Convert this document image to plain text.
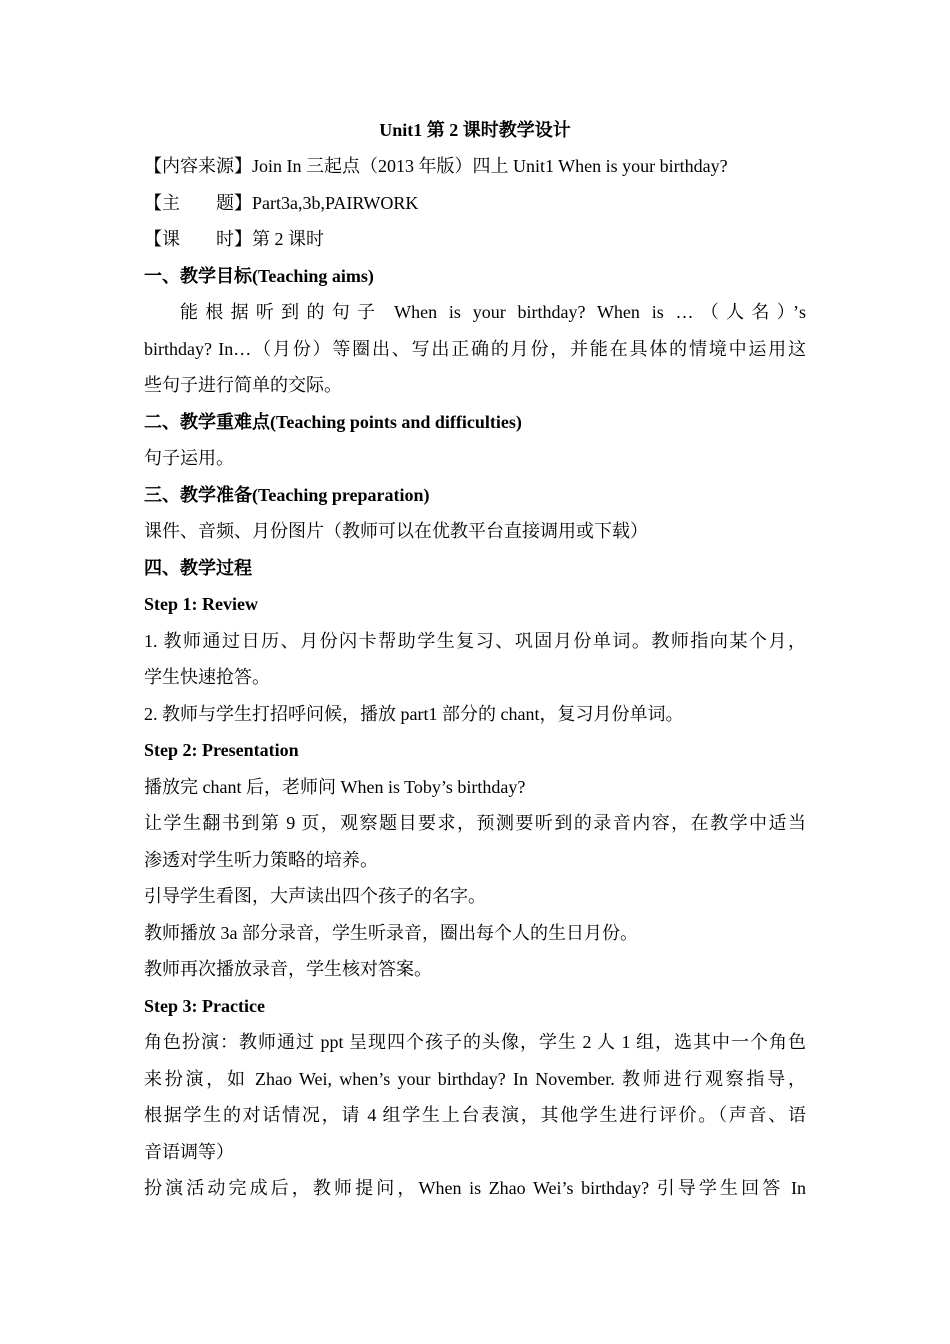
Unit1 第 2 课时教学设计
【内容来源】Join In 三起点（2013 年版）四上 Unit1 When is your birthday?
【主        题】Part3a,3b,PAIRWORK
【课        时】第 2 课时
一、教学目标(Teaching aims)
能根据听到的句子 When is your birthday? When is …（人名）’s
birthday? In…（月份）等圈出、写出正确的月份，并能在具体的情境中运用这
些句子进行简单的交际。
二、教学重难点(Teaching points and difficulties)
句子运用。
三、教学准备(Teaching preparation)
课件、音频、月份图片（教师可以在优教平台直接调用或下载）
四、教学过程
Step 1: Review
1. 教师通过日历、月份闪卡帮助学生复习、巩固月份单词。教师指向某个月，
学生快速抢答。
2. 教师与学生打招呼问候，播放 part1 部分的 chant，复习月份单词。
Step 2: Presentation
播放完 chant 后，老师问 When is Toby’s birthday?
让学生翻书到第 9 页，观察题目要求，预测要听到的录音内容，在教学中适当
渗透对学生听力策略的培养。
引导学生看图，大声读出四个孩子的名字。
教师播放 3a 部分录音，学生听录音，圈出每个人的生日月份。
教师再次播放录音，学生核对答案。
Step 3: Practice
角色扮演：教师通过 ppt 呈现四个孩子的头像，学生 2 人 1 组，选其中一个角色
来扮演，如 Zhao Wei, when’s your birthday? In November. 教师进行观察指导，
根据学生的对话情况，请 4 组学生上台表演，其他学生进行评价。（声音、语
音语调等）
扮演活动完成后，教师提问，When is Zhao Wei’s birthday? 引导学生回答 In
